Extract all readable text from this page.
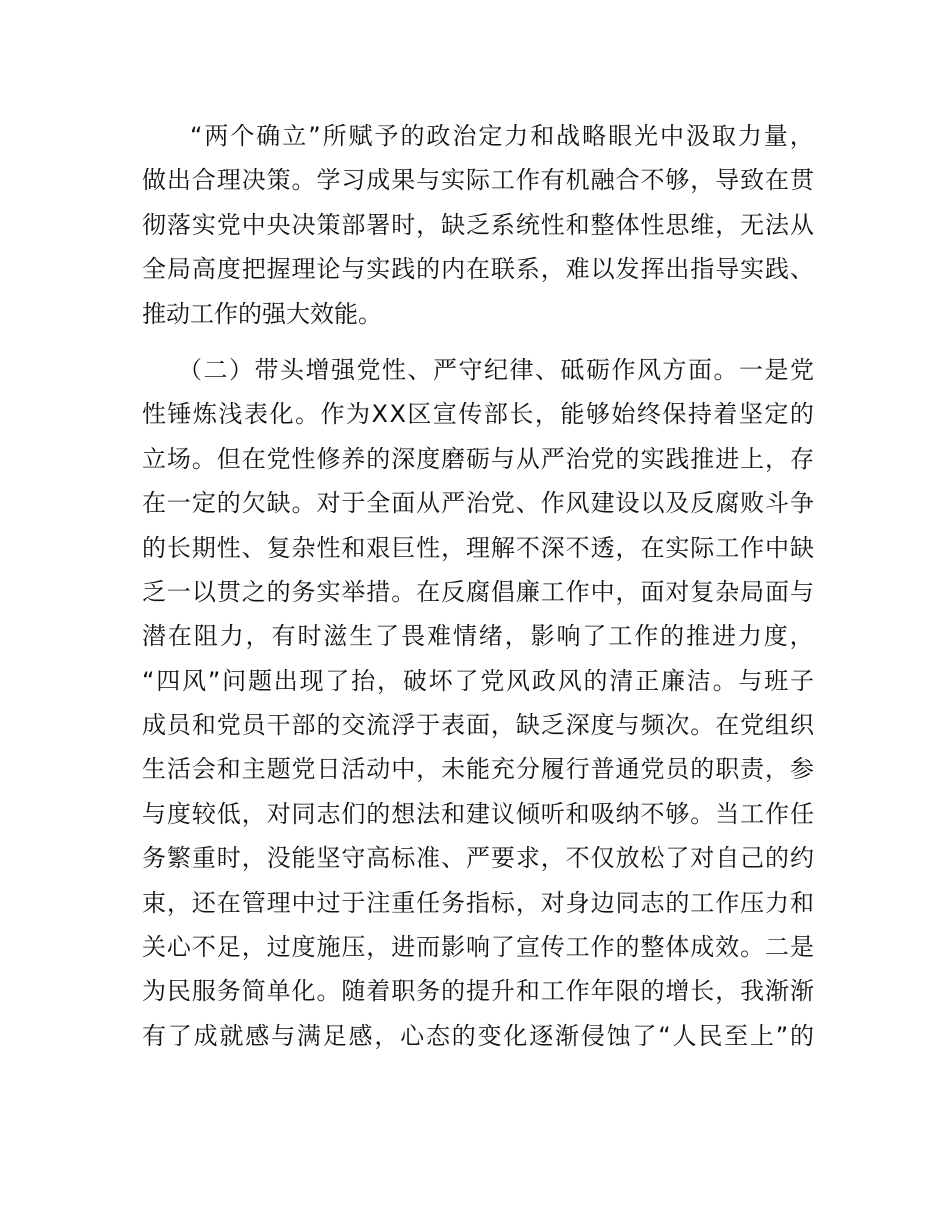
　　“ 两 个 确 立 ” 所 赋 予 的 政 治 定 力 和 战 略 眼 光 中 汲 取 力 量 ，
做 出 合 理 决 策 。 学 习 成 果 与 实 际 工 作 有 机 融 合 不 够 ， 导 致 在 贯
彻 落 实 党 中 央 决 策 部 署 时 ， 缺 乏 系 统 性 和 整 体 性 思 维 ， 无 法 从
全 局 高 度 把 握 理 论 与 实 践 的 内 在 联 系 ， 难 以 发 挥 出 指 导 实 践 、
推动工作的强大效能。
　　（ 二 ） 带 头 增 强 党 性 、 严 守 纪 律 、 砥 砺 作 风 方 面 。 一 是 党
性 锤 炼 浅 表 化 。 作 为 X X 区 宣 传 部 长 ， 能 够 始 终 保 持 着 坚 定 的
立 场 。 但 在 党 性 修 养 的 深 度 磨 砺 与 从 严 治 党 的 实 践 推 进 上 ， 存
在 一 定 的 欠 缺 。 对 于 全 面 从 严 治 党 、 作 风 建 设 以 及 反 腐 败 斗 争
的 长 期 性 、 复 杂 性 和 艰 巨 性 ， 理 解 不 深 不 透 ， 在 实 际 工 作 中 缺
乏 一 以 贯 之 的 务 实 举 措 。 在 反 腐 倡 廉 工 作 中 ， 面 对 复 杂 局 面 与
潜 在 阻 力 ， 有 时 滋 生 了 畏 难 情 绪 ， 影 响 了 工 作 的 推 进 力 度 ，
“ 四 风 ” 问 题 出 现 了 抬 ， 破 坏 了 党 风 政 风 的 清 正 廉 洁 。 与 班 子
成 员 和 党 员 干 部 的 交 流 浮 于 表 面 ， 缺 乏 深 度 与 频 次 。 在 党 组 织
生 活 会 和 主 题 党 日 活 动 中 ， 未 能 充 分 履 行 普 通 党 员 的 职 责 ， 参
与 度 较 低 ， 对 同 志 们 的 想 法 和 建 议 倾 听 和 吸 纳 不 够 。 当 工 作 任
务 繁 重 时 ， 没 能 坚 守 高 标 准 、 严 要 求 ， 不 仅 放 松 了 对 自 己 的 约
束 ， 还 在 管 理 中 过 于 注 重 任 务 指 标 ， 对 身 边 同 志 的 工 作 压 力 和
关 心 不 足 ， 过 度 施 压 ， 进 而 影 响 了 宣 传 工 作 的 整 体 成 效 。 二 是
为 民 服 务 简 单 化 。 随 着 职 务 的 提 升 和 工 作 年 限 的 增 长 ， 我 渐 渐
有 了 成 就 感 与 满 足 感 ， 心 态 的 变 化 逐 渐 侵 蚀 了 “ 人 民 至 上 ” 的
